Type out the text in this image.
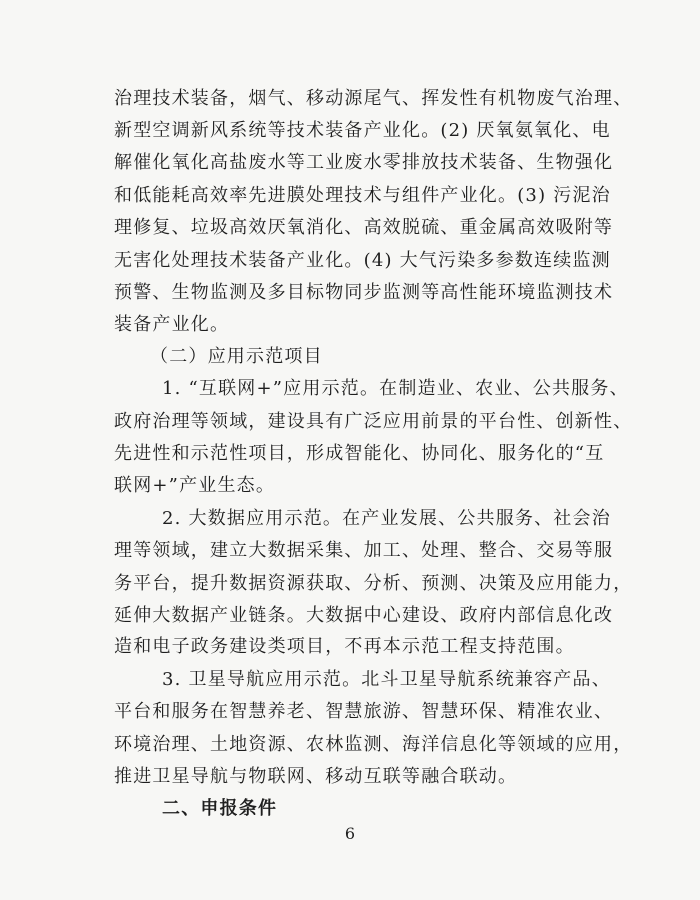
治理技术装备，烟气、移动源尾气、挥发性有机物废气治理、
新型空调新风系统等技术装备产业化。(2) 厌氧氨氧化、电
解催化氧化高盐废水等工业废水零排放技术装备、生物强化
和低能耗高效率先进膜处理技术与组件产业化。(3) 污泥治
理修复、垃圾高效厌氧消化、高效脱硫、重金属高效吸附等
无害化处理技术装备产业化。(4) 大气污染多参数连续监测
预警、生物监测及多目标物同步监测等高性能环境监测技术
装备产业化。
（二）应用示范项目
1. “互联网+”应用示范。在制造业、农业、公共服务、
政府治理等领域，建设具有广泛应用前景的平台性、创新性、
先进性和示范性项目，形成智能化、协同化、服务化的“互
联网+”产业生态。
2. 大数据应用示范。在产业发展、公共服务、社会治
理等领域，建立大数据采集、加工、处理、整合、交易等服
务平台，提升数据资源获取、分析、预测、决策及应用能力，
延伸大数据产业链条。大数据中心建设、政府内部信息化改
造和电子政务建设类项目，不再本示范工程支持范围。
3. 卫星导航应用示范。北斗卫星导航系统兼容产品、
平台和服务在智慧养老、智慧旅游、智慧环保、精准农业、
环境治理、土地资源、农林监测、海洋信息化等领域的应用，
推进卫星导航与物联网、移动互联等融合联动。
二、申报条件
6
